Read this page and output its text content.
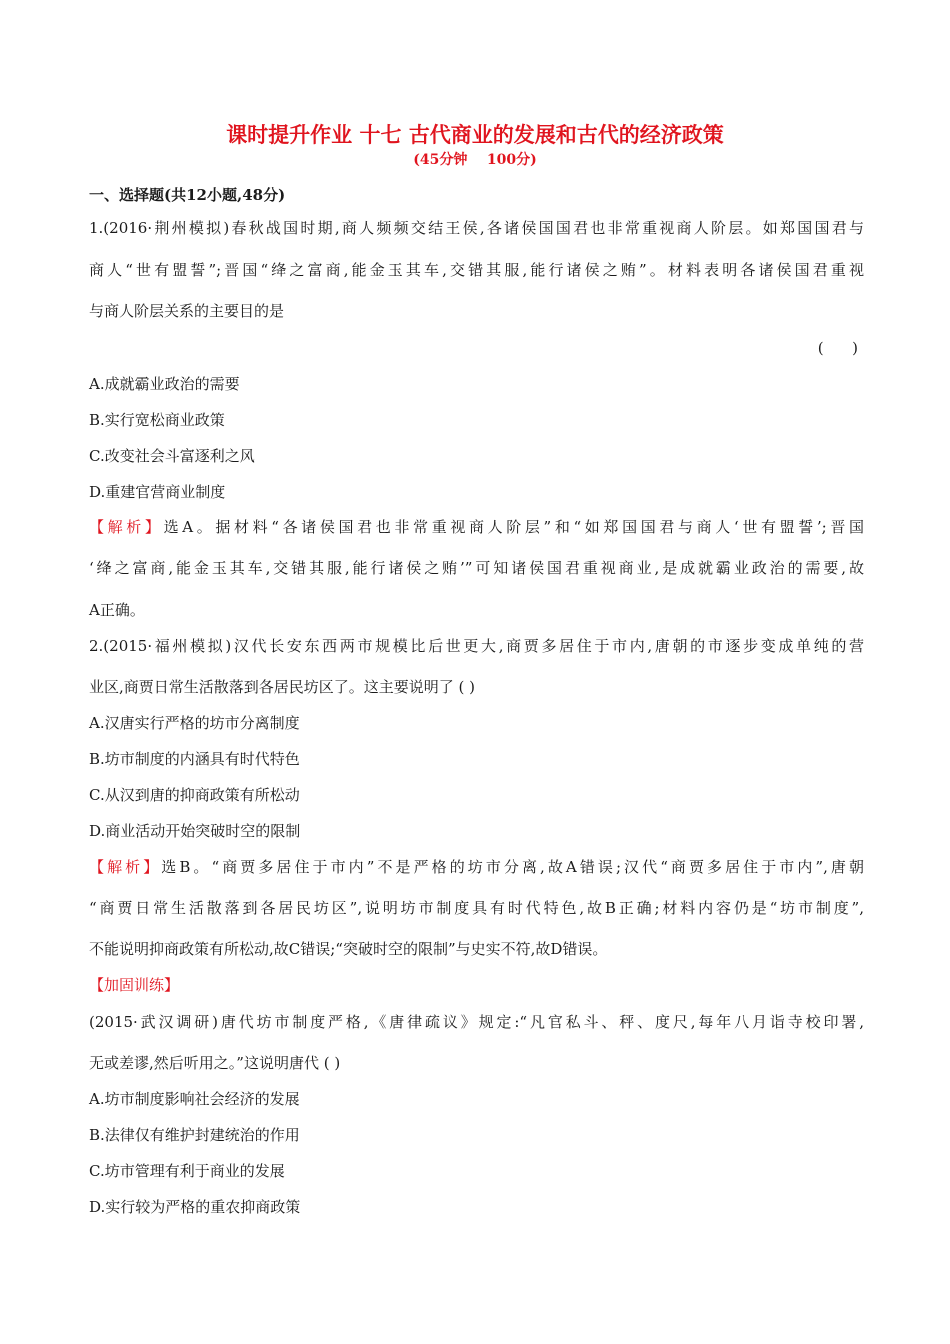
课时提升作业 十七 古代商业的发展和古代的经济政策
(45分钟    100分)
一、选择题(共12小题,48分)
1.(2016·荆州模拟)春秋战国时期,商人频频交结王侯,各诸侯国国君也非常重视商人阶层。如郑国国君与
商人“世有盟誓”;晋国“绛之富商,能金玉其车,交错其服,能行诸侯之贿”。材料表明各诸侯国君重视
与商人阶层关系的主要目的是
(      )
A.成就霸业政治的需要
B.实行宽松商业政策
C.改变社会斗富逐利之风
D.重建官营商业制度
【解析】选A。据材料“各诸侯国君也非常重视商人阶层”和“如郑国国君与商人‘世有盟誓’;晋国
‘绛之富商,能金玉其车,交错其服,能行诸侯之贿’”可知诸侯国君重视商业,是成就霸业政治的需要,故
A正确。
2.(2015·福州模拟)汉代长安东西两市规模比后世更大,商贾多居住于市内,唐朝的市逐步变成单纯的营
业区,商贾日常生活散落到各居民坊区了。这主要说明了 ( )
A.汉唐实行严格的坊市分离制度
B.坊市制度的内涵具有时代特色
C.从汉到唐的抑商政策有所松动
D.商业活动开始突破时空的限制
【解析】选B。“商贾多居住于市内”不是严格的坊市分离,故A错误;汉代“商贾多居住于市内”,唐朝
“商贾日常生活散落到各居民坊区”,说明坊市制度具有时代特色,故B正确;材料内容仍是“坊市制度”,
不能说明抑商政策有所松动,故C错误;“突破时空的限制”与史实不符,故D错误。
【加固训练】
(2015·武汉调研)唐代坊市制度严格,《唐律疏议》规定:“凡官私斗、秤、度尺,每年八月诣寺校印署,
无或差谬,然后听用之。”这说明唐代 ( )
A.坊市制度影响社会经济的发展
B.法律仅有维护封建统治的作用
C.坊市管理有利于商业的发展
D.实行较为严格的重农抑商政策
